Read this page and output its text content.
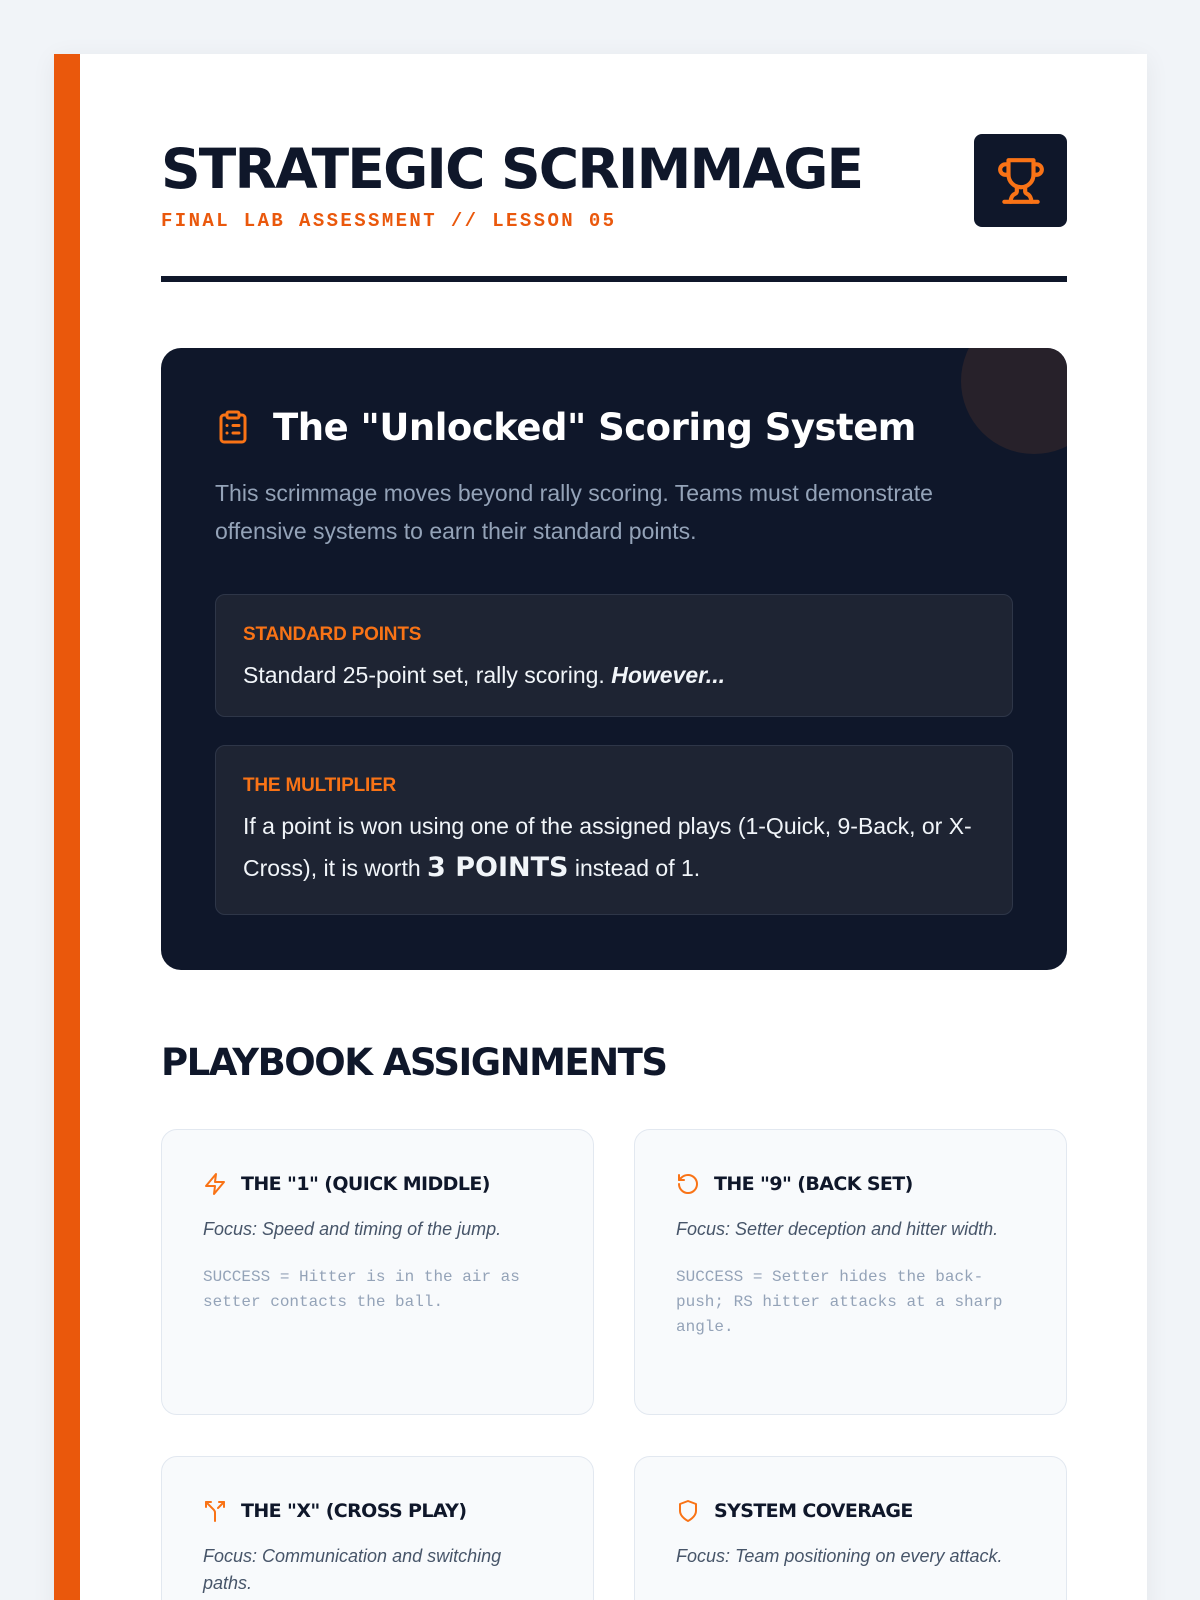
STRATEGIC SCRIMMAGE
FINAL LAB ASSESSMENT // LESSON 05
The "Unlocked" Scoring System

This scrimmage moves beyond rally scoring. Teams must demonstrate offensive systems to earn their standard points.

STANDARD POINTS
Standard 25-point set, rally scoring. However...
THE MULTIPLIER
If a point is won using one of the assigned plays (1-Quick, 9-Back, or X-Cross), it is worth 3 POINTS instead of 1.
PLAYBOOK ASSIGNMENTS
THE "1" (QUICK MIDDLE)

Focus: Speed and timing of the jump.

SUCCESS = Hitter is in the air as setter contacts the ball.

THE "9" (BACK SET)

Focus: Setter deception and hitter width.

SUCCESS = Setter hides the back-push; RS hitter attacks at a sharp angle.

THE "X" (CROSS PLAY)

Focus: Communication and switching paths.

SYSTEM COVERAGE

Focus: Team positioning on every attack.
